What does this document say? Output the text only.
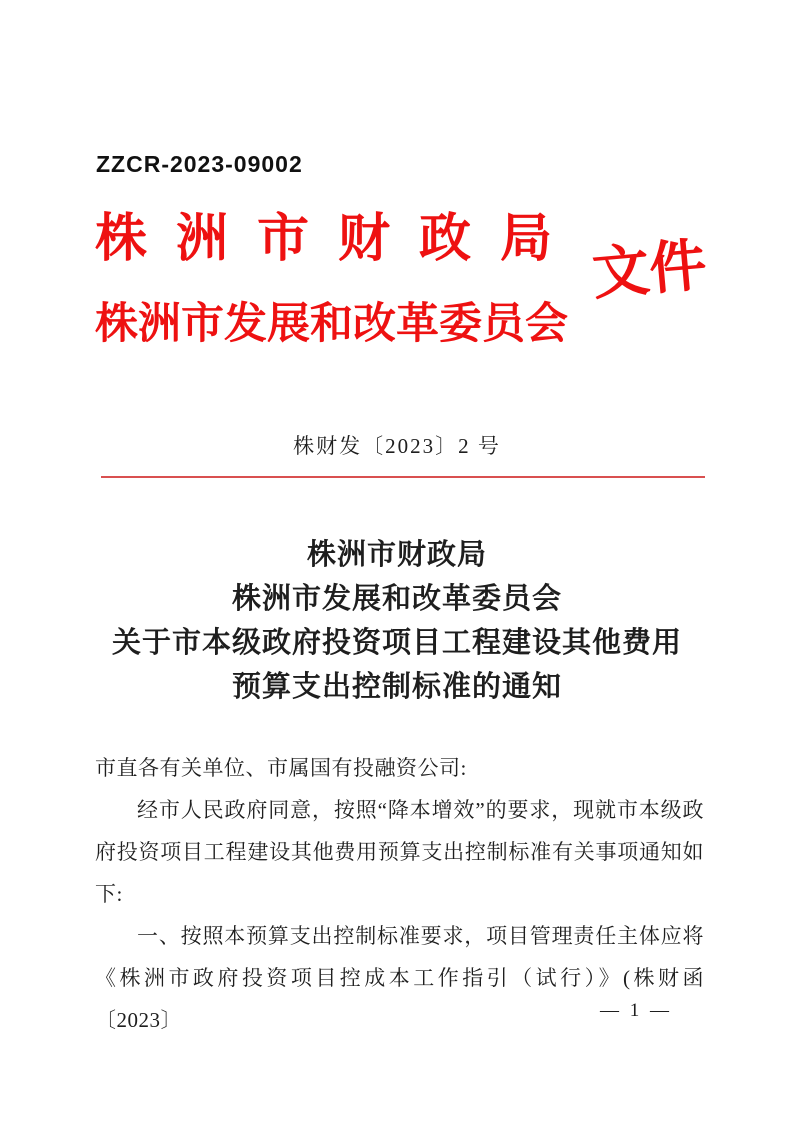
ZZCR-2023-09002
株 洲 市 财 政 局 文件
株洲市发展和改革委员会
株财发〔2023〕2 号
株洲市财政局
株洲市发展和改革委员会
关于市本级政府投资项目工程建设其他费用
预算支出控制标准的通知

市直各有关单位、市属国有投融资公司:

经市人民政府同意，按照“降本增效”的要求，现就市本级政府投资项目工程建设其他费用预算支出控制标准有关事项通知如下:

一、按照本预算支出控制标准要求，项目管理责任主体应将《株洲市政府投资项目控成本工作指引（试行）》(株财函〔2023〕	— 1 —
